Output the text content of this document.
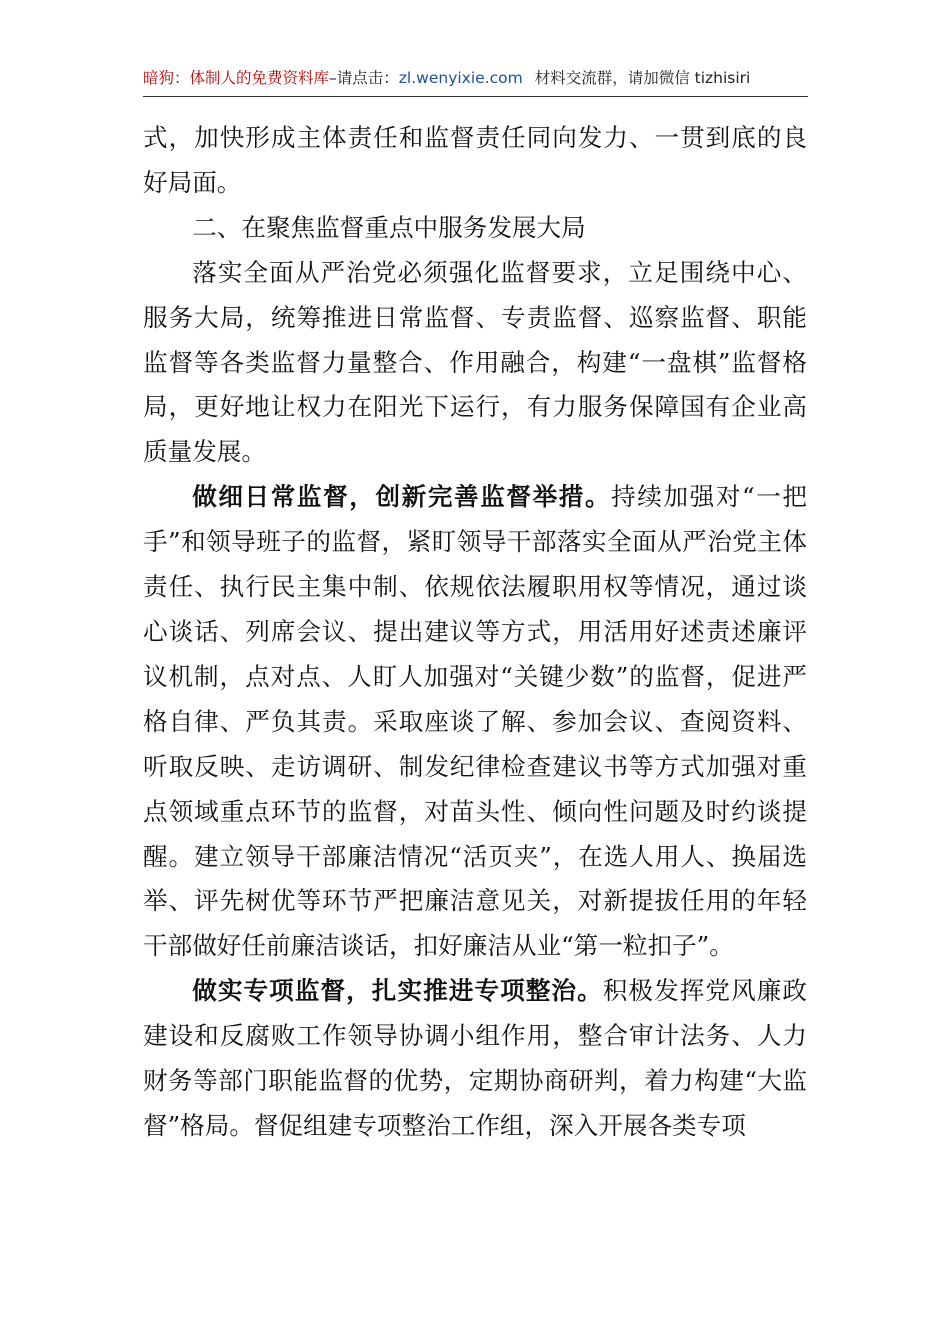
暗狗：体制人的免费资料库–请点击：zl.wenyixie.com 材料交流群，请加微信 tizhisiri

式，加快形成主体责任和监督责任同向发力、一贯到底的良好局面。

二、在聚焦监督重点中服务发展大局

落实全面从严治党必须强化监督要求，立足围绕中心、服务大局，统筹推进日常监督、专责监督、巡察监督、职能监督等各类监督力量整合、作用融合，构建“一盘棋”监督格局，更好地让权力在阳光下运行，有力服务保障国有企业高质量发展。

做细日常监督，创新完善监督举措。持续加强对“一把手”和领导班子的监督，紧盯领导干部落实全面从严治党主体责任、执行民主集中制、依规依法履职用权等情况，通过谈心谈话、列席会议、提出建议等方式，用活用好述责述廉评议机制，点对点、人盯人加强对“关键少数”的监督，促进严格自律、严负其责。采取座谈了解、参加会议、查阅资料、听取反映、走访调研、制发纪律检查建议书等方式加强对重点领域重点环节的监督，对苗头性、倾向性问题及时约谈提醒。建立领导干部廉洁情况“活页夹”，在选人用人、换届选举、评先树优等环节严把廉洁意见关，对新提拔任用的年轻干部做好任前廉洁谈话，扣好廉洁从业“第一粒扣子”。

做实专项监督，扎实推进专项整治。积极发挥党风廉政建设和反腐败工作领导协调小组作用，整合审计法务、人力财务等部门职能监督的优势，定期协商研判，着力构建“大监督”格局。督促组建专项整治工作组，深入开展各类专项
